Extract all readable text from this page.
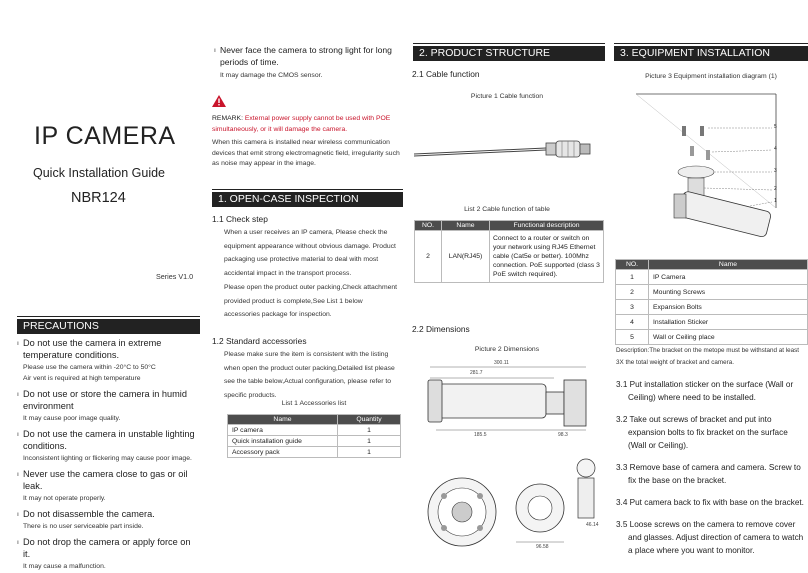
IP CAMERA
Quick Installation Guide
NBR124
Series V1.0
PRECAUTIONS
ı Do not use the camera in extreme temperature conditions.
Please use the camera within -20°C to 50°C
Air vent is required at high temperature
ı Do not use or store the camera in humid environment
It may cause poor image quality.
ı Do not use the camera in unstable lighting conditions.
Inconsistent lighting or flickering may cause poor image.
ı Never use the camera close to gas or oil leak.
It may not operate properly.
ı Do not disassemble the camera.
There is no user serviceable part inside.
ı Do not drop the camera or apply force on it.
It may cause a malfunction.
ı Never face the camera to strong light for long periods of time.
It may damage the CMOS sensor.
REMARK: External power supply cannot be used with POE simultaneously, or it will damage the camera.
When this camera is installed near wireless communication devices that emit strong electromagnetic field, irregularity such as noise may appear in the image.
1. OPEN-CASE INSPECTION
1.1 Check step
When a user receives an IP camera, Please check the equipment appearance without obvious damage. Product packaging use protective material to deal with most accidental impact in the transport process.
Please open the product outer packing,Check attachment provided product is complete,See List 1 below accessories package for inspection.
1.2 Standard accessories
Please make sure the item is consistent with the listing when open the product outer packing,Detailed list please see the table below,Actual configuration, please refer to specific products.
List 1 Accessories list
Name	Quantity
IP camera	1
Quick installation guide	1
Accessory pack	1
2. PRODUCT STRUCTURE
2.1 Cable function
Picture 1 Cable function
List 2 Cable function of table
NO.	Name	Functional description
2	LAN(RJ45)	Connect to a router or switch on your network using RJ45 Ethernet cable (Cat5e or better). 100Mhz connection. PoE supported (class 3 PoE switch required).
2.2 Dimensions
Picture 2 Dimensions
300.11
281.7
185.5	98.3
96.58
46.14
3. EQUIPMENT INSTALLATION
Picture 3 Equipment installation diagram (1)
5
4
3
2
1
NO.	Name
1	IP Camera
2	Mounting Screws
3	Expansion Bolts
4	Installation Sticker
5	Wall or Ceiling place
Description:The bracket on the metope must be withstand at least 3X the total weight of bracket and camera.
3.1 Put installation sticker on the surface (Wall or Ceiling) where need to be installed.
3.2 Take out screws of bracket and put into expansion bolts to fix bracket on the surface (Wall or Ceiling).
3.3 Remove base of camera and camera. Screw to fix the base on the bracket.
3.4 Put camera back to fix with base on the bracket.
3.5 Loose screws on the camera to remove cover and glasses. Adjust direction of camera to watch a place where you want to monitor.
